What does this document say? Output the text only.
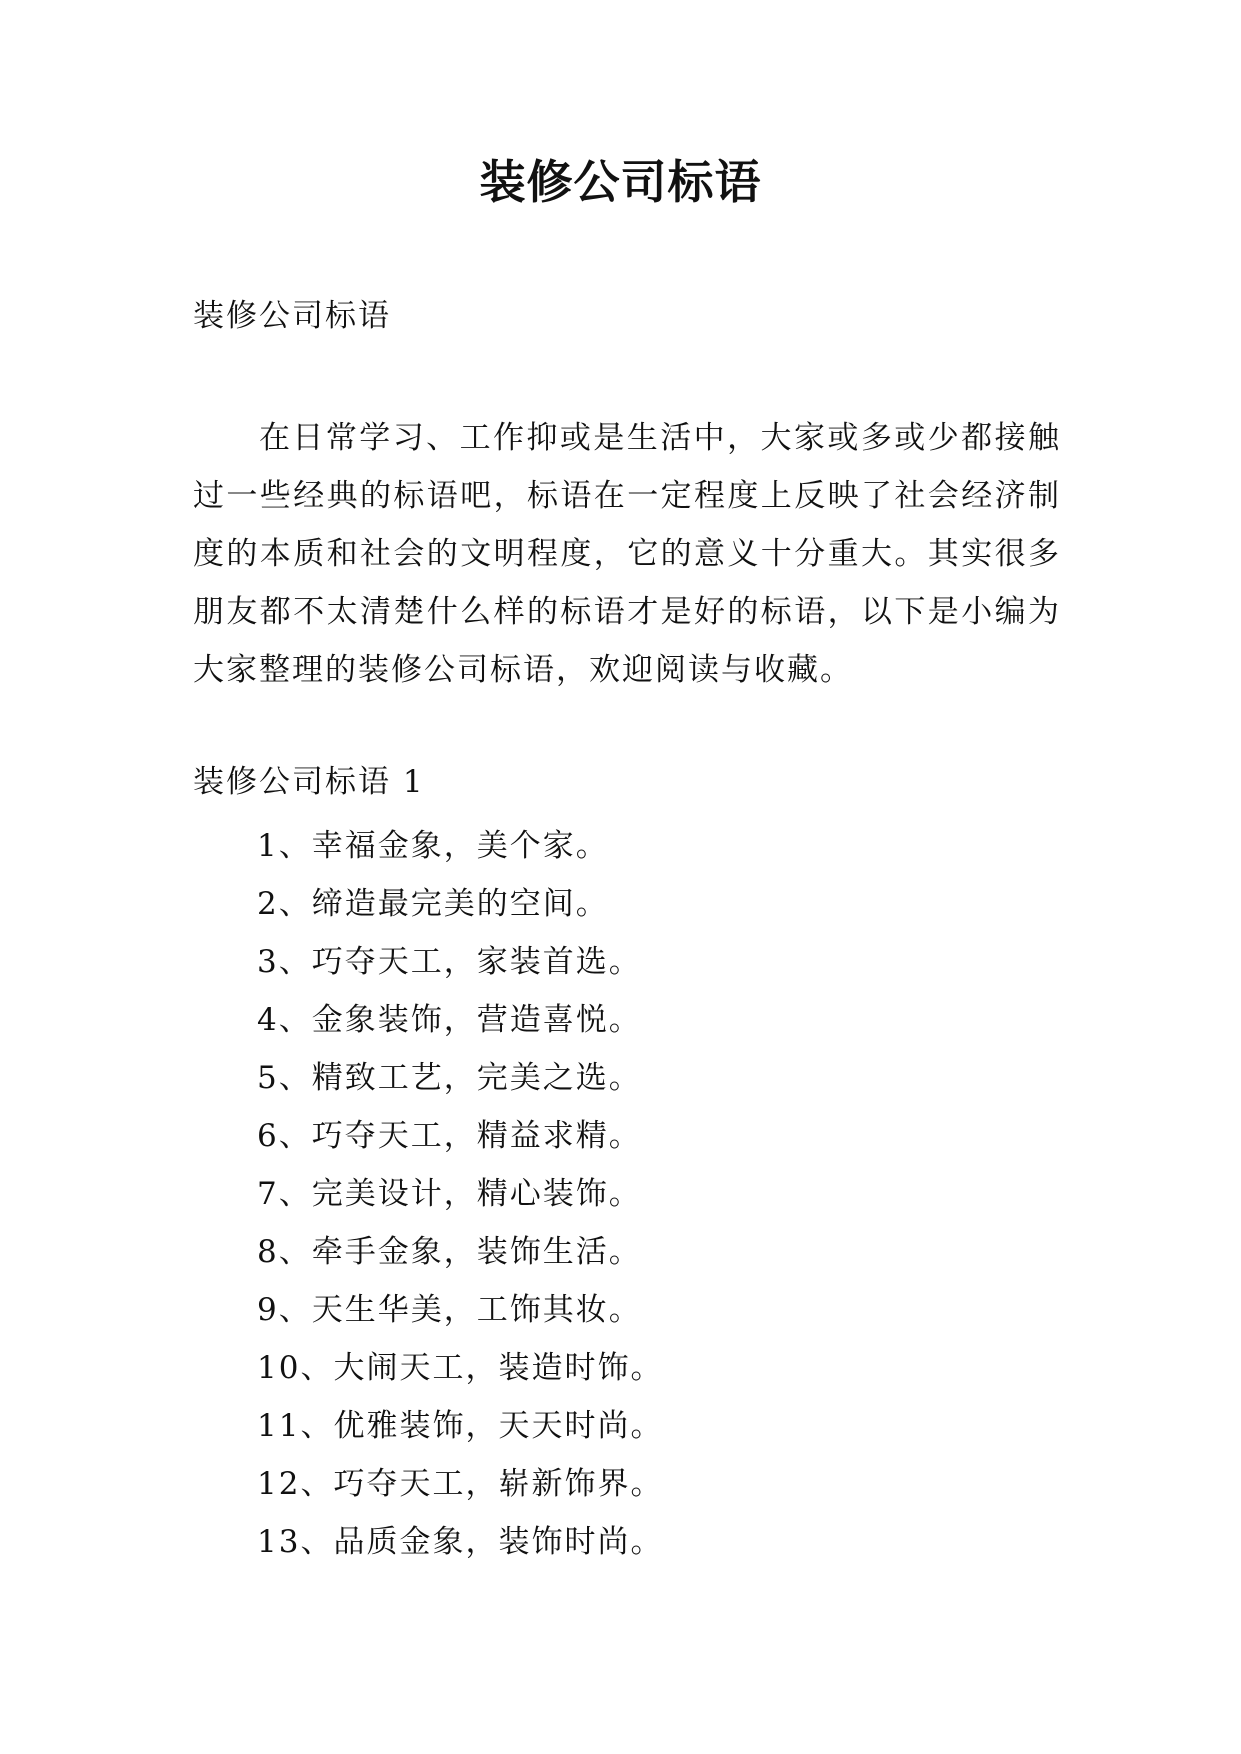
装修公司标语
装修公司标语

在日常学习、工作抑或是生活中，大家或多或少都接触过一些经典的标语吧，标语在一定程度上反映了社会经济制度的本质和社会的文明程度，它的意义十分重大。其实很多朋友都不太清楚什么样的标语才是好的标语，以下是小编为大家整理的装修公司标语，欢迎阅读与收藏。

装修公司标语 1
1、幸福金象，美个家。
2、缔造最完美的空间。
3、巧夺天工，家装首选。
4、金象装饰，营造喜悦。
5、精致工艺，完美之选。
6、巧夺天工，精益求精。
7、完美设计，精心装饰。
8、牵手金象，装饰生活。
9、天生华美，工饰其妆。
10、大闹天工，装造时饰。
11、优雅装饰，天天时尚。
12、巧夺天工，崭新饰界。
13、品质金象，装饰时尚。
